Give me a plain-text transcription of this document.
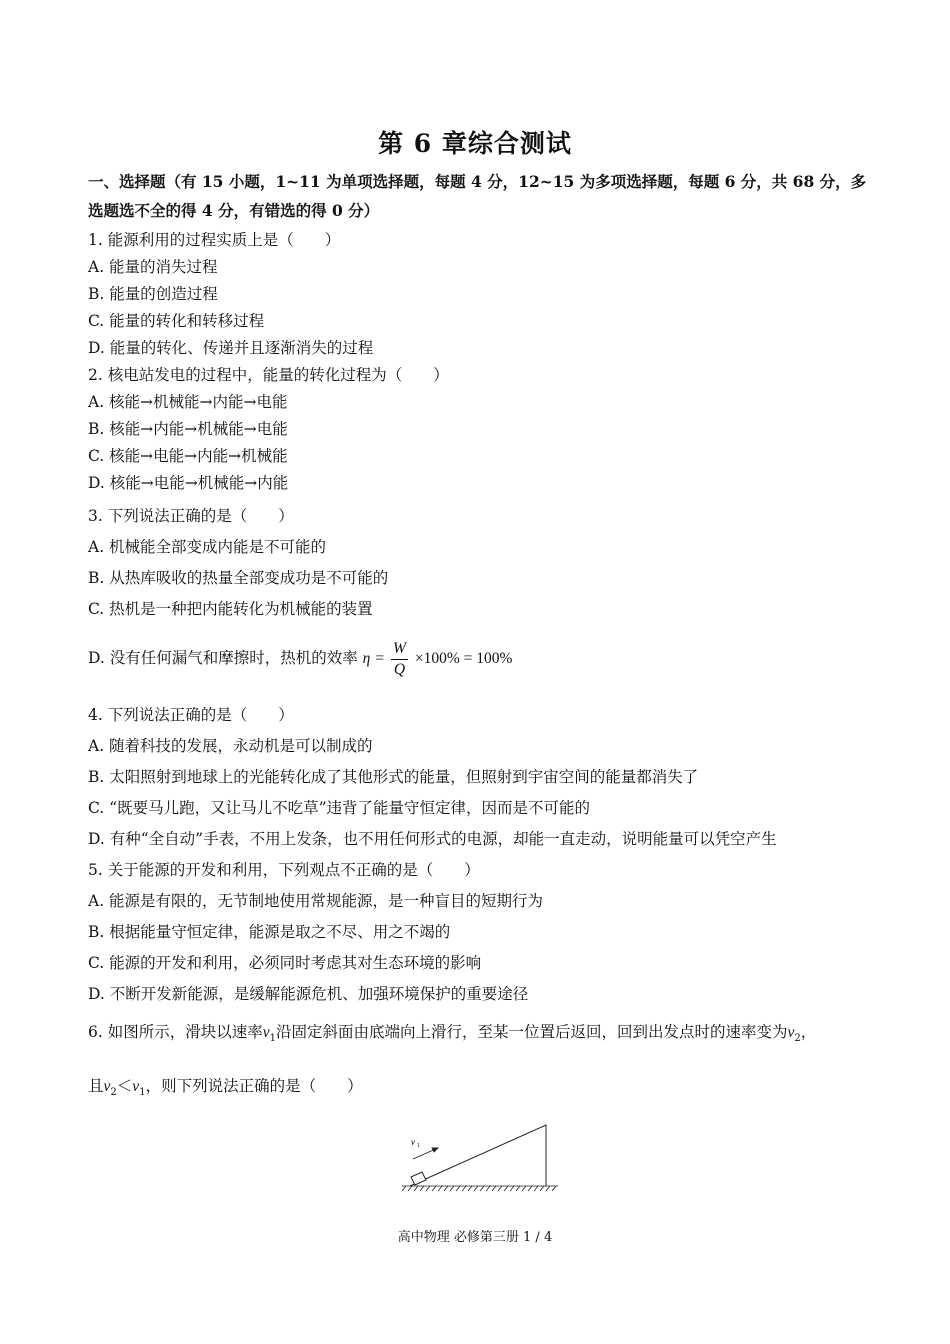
第 6 章综合测试
一、选择题（有 15 小题，1~11 为单项选择题，每题 4 分，12~15 为多项选择题，每题 6 分，共 68 分，多选题选不全的得 4 分，有错选的得 0 分）
1. 能源利用的过程实质上是（　　）
A. 能量的消失过程
B. 能量的创造过程
C. 能量的转化和转移过程
D. 能量的转化、传递并且逐渐消失的过程
2. 核电站发电的过程中，能量的转化过程为（　　）
A. 核能→机械能→内能→电能
B. 核能→内能→机械能→电能
C. 核能→电能→内能→机械能
D. 核能→电能→机械能→内能
3. 下列说法正确的是（　　）
A. 机械能全部变成内能是不可能的
B. 从热库吸收的热量全部变成功是不可能的
C. 热机是一种把内能转化为机械能的装置
D. 没有任何漏气和摩擦时，热机的效率 $\eta = \frac{W}{Q} \times 100\% = 100\%$
4. 下列说法正确的是（　　）
A. 随着科技的发展，永动机是可以制成的
B. 太阳照射到地球上的光能转化成了其他形式的能量，但照射到宇宙空间的能量都消失了
C. “既要马儿跑，又让马儿不吃草”违背了能量守恒定律，因而是不可能的
D. 有种“全自动”手表，不用上发条，也不用任何形式的电源，却能一直走动，说明能量可以凭空产生
5. 关于能源的开发和利用，下列观点不正确的是（　　）
A. 能源是有限的，无节制地使用常规能源，是一种盲目的短期行为
B. 根据能量守恒定律，能源是取之不尽、用之不竭的
C. 能源的开发和利用，必须同时考虑其对生态环境的影响
D. 不断开发新能源，是缓解能源危机、加强环境保护的重要途径
6. 如图所示，滑块以速率$v_1$沿固定斜面由底端向上滑行，至某一位置后返回，回到出发点时的速率变为$v_2$，
且$v_2<v_1$，则下列说法正确的是（　　）
v 1
高中物理 必修第三册 1 / 4
